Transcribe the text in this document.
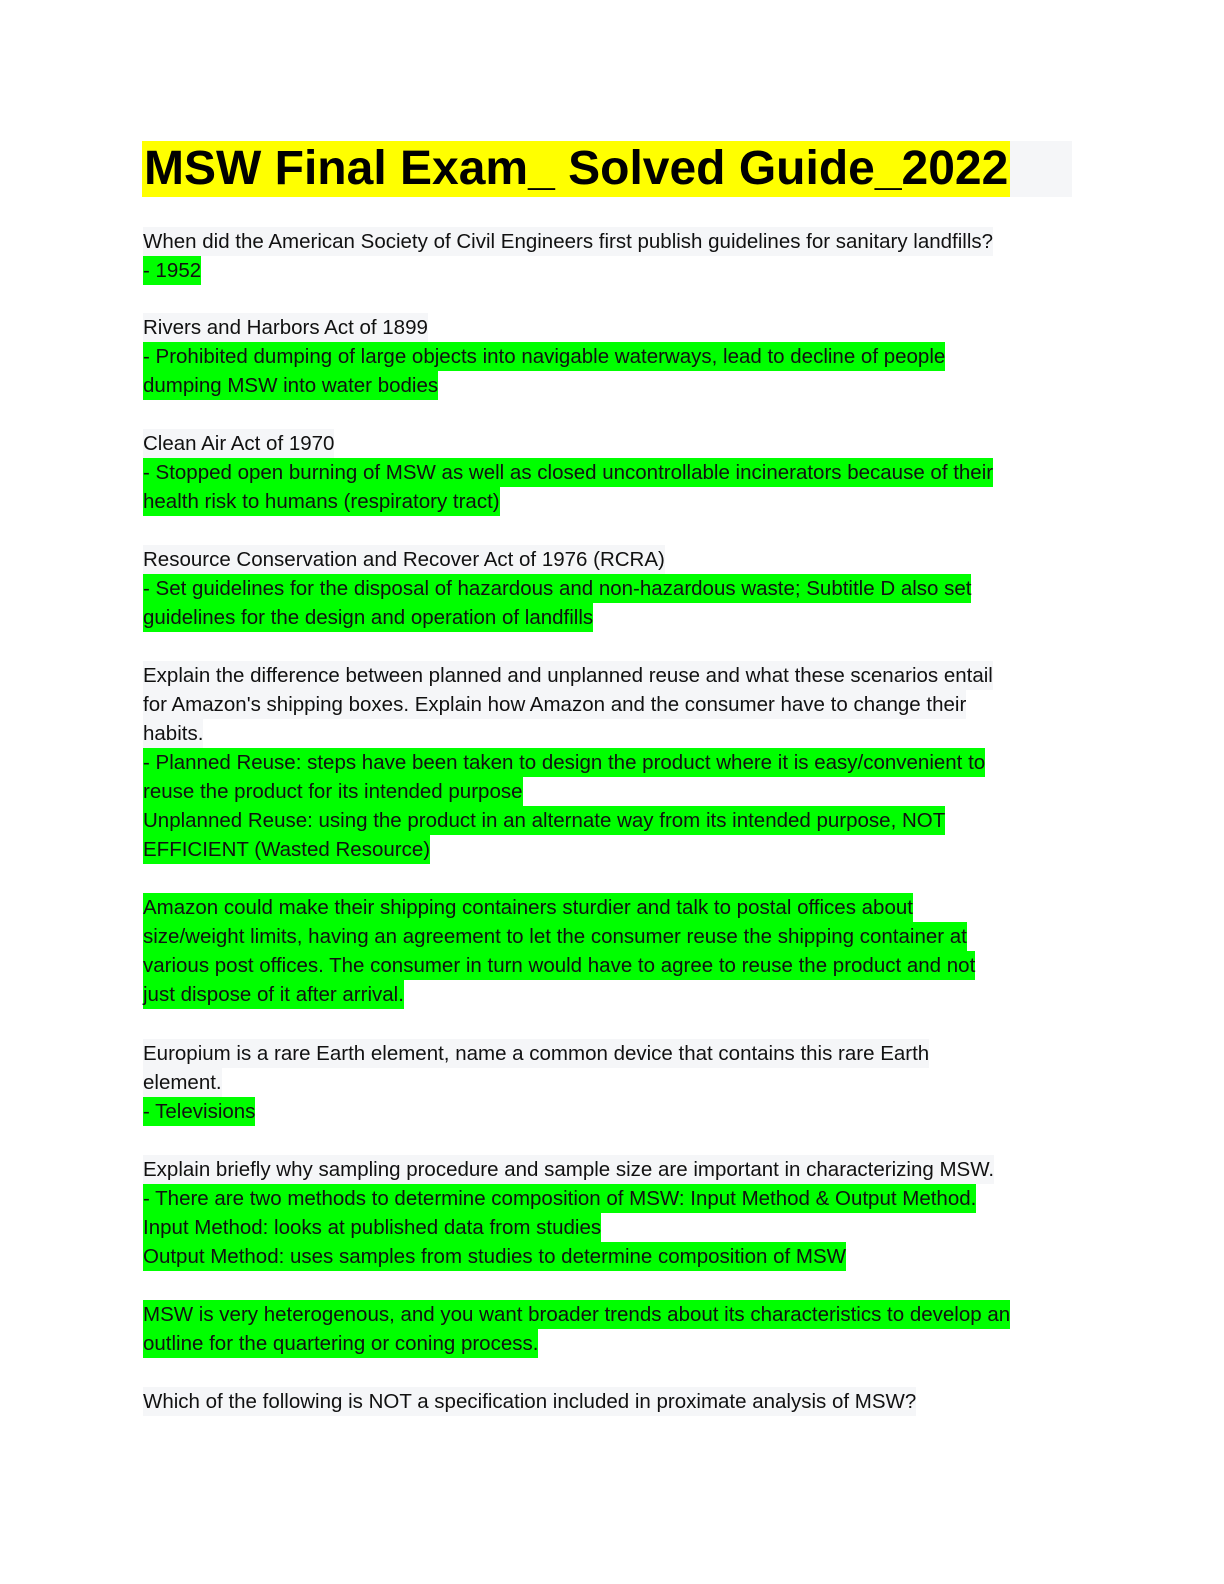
MSW Final Exam_ Solved Guide_2022
When did the American Society of Civil Engineers first publish guidelines for sanitary landfills?
- 1952
Rivers and Harbors Act of 1899
- Prohibited dumping of large objects into navigable waterways, lead to decline of people
dumping MSW into water bodies
Clean Air Act of 1970
- Stopped open burning of MSW as well as closed uncontrollable incinerators because of their
health risk to humans (respiratory tract)
Resource Conservation and Recover Act of 1976 (RCRA)
- Set guidelines for the disposal of hazardous and non-hazardous waste; Subtitle D also set
guidelines for the design and operation of landfills
Explain the difference between planned and unplanned reuse and what these scenarios entail
for Amazon's shipping boxes. Explain how Amazon and the consumer have to change their
habits.
- Planned Reuse: steps have been taken to design the product where it is easy/convenient to
reuse the product for its intended purpose
Unplanned Reuse: using the product in an alternate way from its intended purpose, NOT
EFFICIENT (Wasted Resource)
Amazon could make their shipping containers sturdier and talk to postal offices about
size/weight limits, having an agreement to let the consumer reuse the shipping container at
various post offices. The consumer in turn would have to agree to reuse the product and not
just dispose of it after arrival.
Europium is a rare Earth element, name a common device that contains this rare Earth
element.
- Televisions
Explain briefly why sampling procedure and sample size are important in characterizing MSW.
- There are two methods to determine composition of MSW: Input Method & Output Method.
Input Method: looks at published data from studies
Output Method: uses samples from studies to determine composition of MSW
MSW is very heterogenous, and you want broader trends about its characteristics to develop an
outline for the quartering or coning process.
Which of the following is NOT a specification included in proximate analysis of MSW?
